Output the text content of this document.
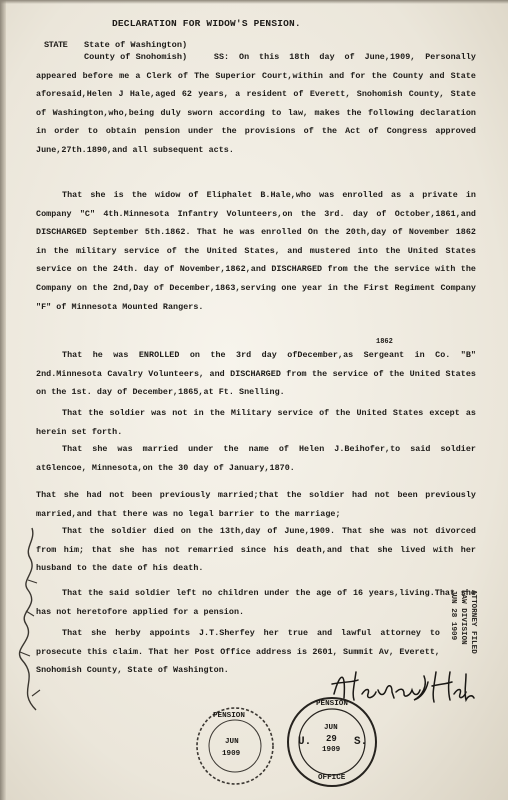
DECLARATION FOR WIDOW'S PENSION.
STATE State of Washington)
County of Snohomish)	SS: On this 18th day of June,1909, Personally appeared before me a Clerk of The Superior Court,within and for the County and State aforesaid,Helen J Hale,aged 62 years, a resident of Everett, Snohomish County, State of Washington,who,being duly sworn according to law, makes the following declaration in order to obtain pension under the provisions of the Act of Congress approved June,27th.1890,and all subsequent acts.
That she is the widow of Eliphalet B.Hale,who was enrolled as a private in Company "C" 4th.Minnesota Infantry Volunteers,on the 3rd. day of October,1861,and DISCHARGED September 5th.1862. That he was enrolled On the 20th,day of November 1862 in the military service of the United States, and mustered into the United States service on the 24th. day of November,1862,and DISCHARGED from the the service with the Company on the 2nd,Day of December,1863,serving one year in the First Regiment Company "F" of Minnesota Mounted Rangers.
1862
That he was ENROLLED on the 3rd day ofDecember,as Sergeant in Co. "B" 2nd.Minnesota Cavalry Volunteers, and DISCHARGED from the service of the United States on the 1st. day of December,1865,at Ft. Snelling.
That the soldier was not in the Military service of the United States except as herein set forth.
That she was married under the name of Helen J.Beihofer,to said soldier atGlencoe, Minnesota,on the 30 day of January,1870.
That she had not been previously married;that the soldier had not been previously married,and that there was no legal barrier to the marriage;
That the soldier died on the 13th,day of June,1909. That she was not divorced from him; that she has not remarried since his death,and that she lived with her husband to the date of his death.
That the said soldier left no children under the age of 16 years,living.That she has not heretofore applied for a pension.
That she herby appoints J.T.Sherfey her true and lawful attorney to prosecute this claim. That her Post Office address is 2601, Summit Av, Everett, Snohomish County, State of Washington.
ATTORNEY FILED
LAW DIVISION
JUN 28 1909
PENSION
JUN
1909
PENSION
JUN
29
1909
U.	S.
OFFICE
